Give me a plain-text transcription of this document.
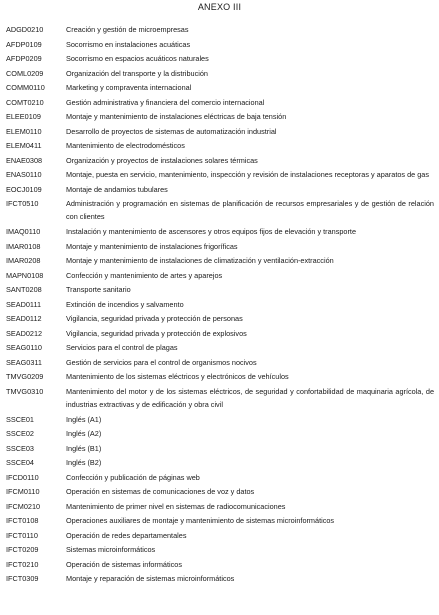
ANEXO III
ADGD0210	Creación y gestión de microempresas
AFDP0109	Socorrismo en instalaciones acuáticas
AFDP0209	Socorrismo en espacios acuáticos naturales
COML0209	Organización del transporte y la distribución
COMM0110	Marketing y compraventa internacional
COMT0210	Gestión administrativa y financiera del comercio internacional
ELEE0109	Montaje y mantenimiento de instalaciones eléctricas de baja tensión
ELEM0110	Desarrollo de proyectos de sistemas de automatización industrial
ELEM0411	Mantenimiento de electrodomésticos
ENAE0308	Organización y proyectos de instalaciones solares térmicas
ENAS0110	Montaje, puesta en servicio, mantenimiento, inspección y revisión de instalaciones receptoras y aparatos de gas
EOCJ0109	Montaje de andamios tubulares
IFCT0510	Administración y programación en sistemas de planificación de recursos empresariales y de gestión de relación con clientes
IMAQ0110	Instalación y mantenimiento de ascensores y otros equipos fijos de elevación y transporte
IMAR0108	Montaje y mantenimiento de instalaciones frigoríficas
IMAR0208	Montaje y mantenimiento de instalaciones de climatización y ventilación-extracción
MAPN0108	Confección y mantenimiento de artes y aparejos
SANT0208	Transporte sanitario
SEAD0111	Extinción de incendios y salvamento
SEAD0112	Vigilancia, seguridad privada y protección de personas
SEAD0212	Vigilancia, seguridad privada y protección de explosivos
SEAG0110	Servicios para el control de plagas
SEAG0311	Gestión de servicios para el control de organismos nocivos
TMVG0209	Mantenimiento de los sistemas eléctricos y electrónicos de vehículos
TMVG0310	Mantenimiento del motor y de los sistemas eléctricos, de seguridad y confortabilidad de maquinaria agrícola, de industrias extractivas y de edificación y obra civil
SSCE01	Inglés (A1)
SSCE02	Inglés (A2)
SSCE03	Inglés (B1)
SSCE04	Inglés (B2)
IFCD0110	Confección y publicación de páginas web
IFCM0110	Operación en sistemas de comunicaciones de voz y datos
IFCM0210	Mantenimiento de primer nivel en sistemas de radiocomunicaciones
IFCT0108	Operaciones auxiliares de montaje y mantenimiento de sistemas microinformáticos
IFCT0110	Operación de redes departamentales
IFCT0209	Sistemas microinformáticos
IFCT0210	Operación de sistemas informáticos
IFCT0309	Montaje y reparación de sistemas microinformáticos
